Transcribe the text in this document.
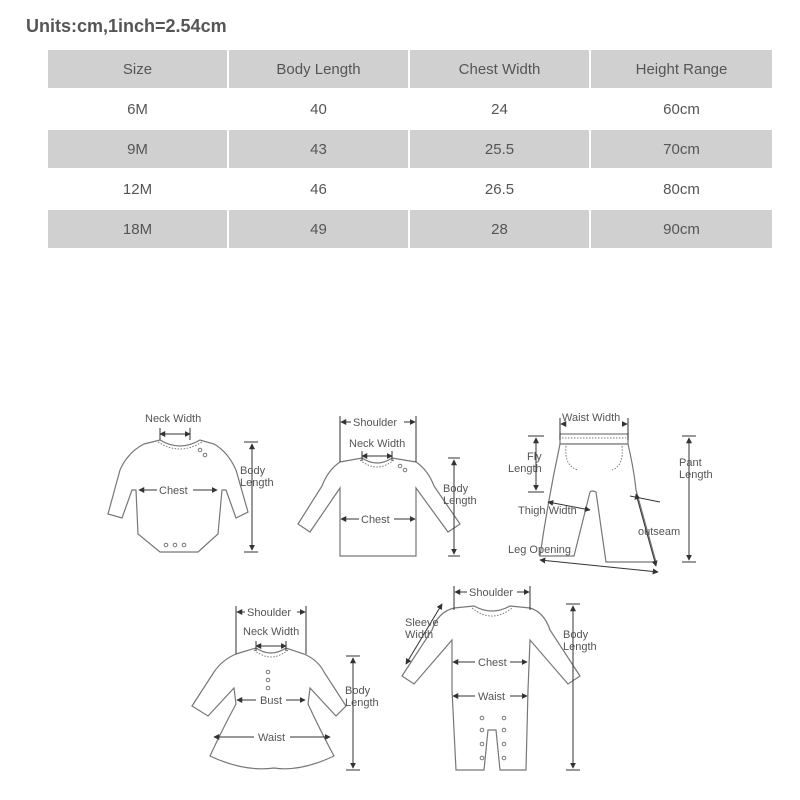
Units:cm,1inch=2.54cm
Size	Body Length	Chest Width	Height Range
6M	40	24	60cm
9M	43	25.5	70cm
12M	46	26.5	80cm
18M	49	28	90cm
Neck Width
Chest
Body
Length
Shoulder
Neck Width
Chest
Body
Length
Waist Width
Fly
Length	Pant
Length
Thigh Width
outseam
Leg Opening
Shoulder
Neck Width
Bust
Waist
Body
Length
Shoulder
Sleeve
Width
Chest
Waist
Body
Length
